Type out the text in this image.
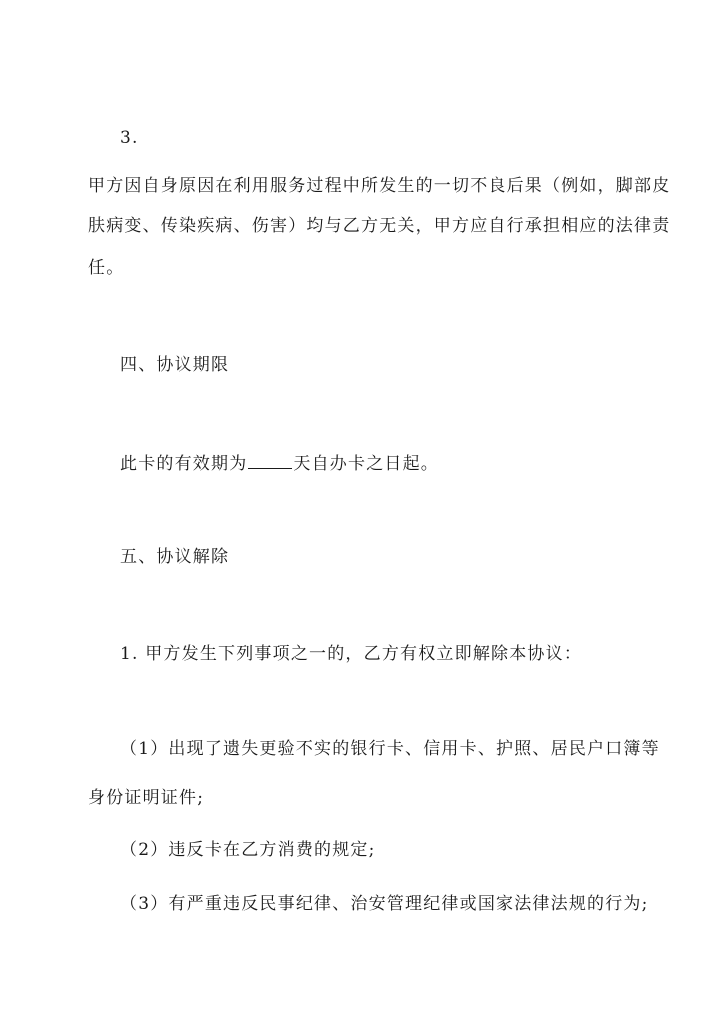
3.
甲方因自身原因在利用服务过程中所发生的一切不良后果（例如，脚部皮
肤病变、传染疾病、伤害）均与乙方无关，甲方应自行承担相应的法律责
任。
四、协议期限
此卡的有效期为	天自办卡之日起。
五、协议解除
1. 甲方发生下列事项之一的，乙方有权立即解除本协议：
（1）出现了遗失更验不实的银行卡、信用卡、护照、居民户口簿等
身份证明证件;
（2）违反卡在乙方消费的规定;
（3）有严重违反民事纪律、治安管理纪律或国家法律法规的行为;
